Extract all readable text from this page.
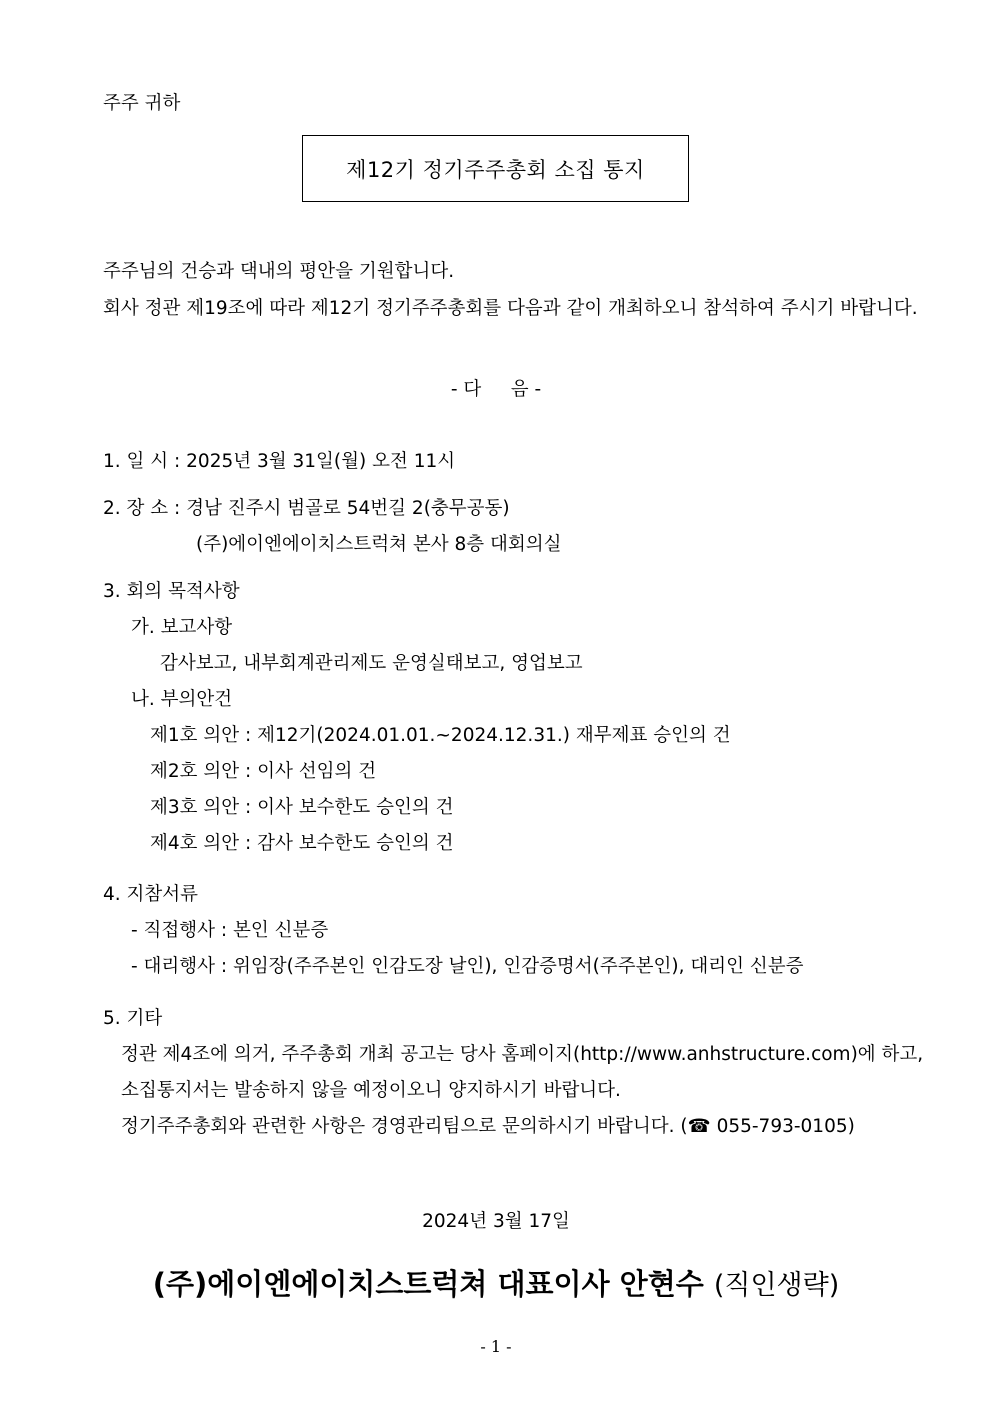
주주 귀하
제12기 정기주주총회 소집 통지
주주님의 건승과 댁내의 평안을 기원합니다.
회사 정관 제19조에 따라 제12기 정기주주총회를 다음과 같이 개최하오니 참석하여 주시기 바랍니다.
- 다     음 -
1. 일 시 : 2025년 3월 31일(월) 오전 11시
2. 장 소 : 경남 진주시 범골로 54번길 2(충무공동)
(주)에이엔에이치스트럭쳐 본사 8층 대회의실
3. 회의 목적사항
가. 보고사항
감사보고, 내부회계관리제도 운영실태보고, 영업보고
나. 부의안건
제1호 의안 : 제12기(2024.01.01.~2024.12.31.) 재무제표 승인의 건
제2호 의안 : 이사 선임의 건
제3호 의안 : 이사 보수한도 승인의 건
제4호 의안 : 감사 보수한도 승인의 건
4. 지참서류
- 직접행사 : 본인 신분증
- 대리행사 : 위임장(주주본인 인감도장 날인), 인감증명서(주주본인), 대리인 신분증
5. 기타
정관 제4조에 의거, 주주총회 개최 공고는 당사 홈페이지(http://www.anhstructure.com)에 하고,
소집통지서는 발송하지 않을 예정이오니 양지하시기 바랍니다.
정기주주총회와 관련한 사항은 경영관리팀으로 문의하시기 바랍니다. (☎ 055-793-0105)
2024년 3월 17일
(주)에이엔에이치스트럭쳐 대표이사 안현수 (직인생략)
- 1 -
